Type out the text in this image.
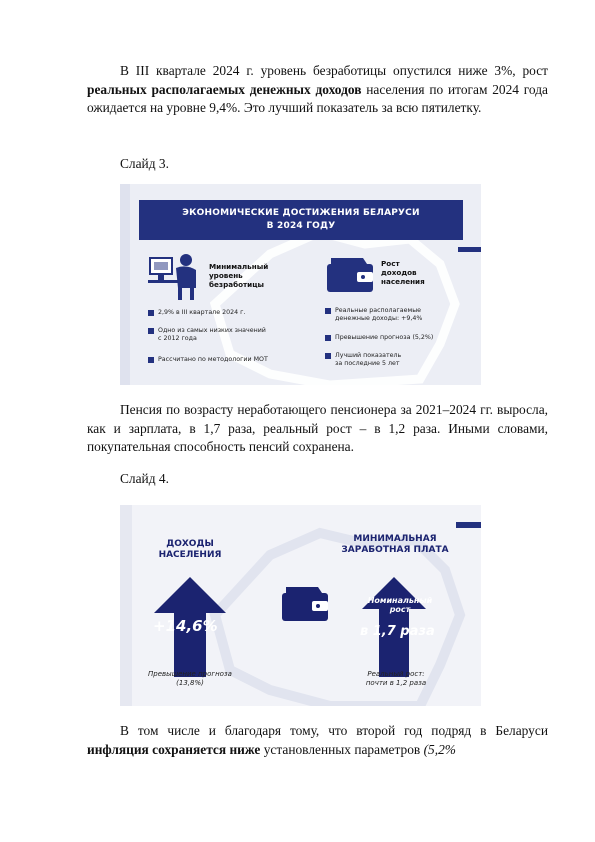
В III квартале 2024 г. уровень безработицы опустился ниже 3%, рост реальных располагаемых денежных доходов населения по итогам 2024 года ожидается на уровне 9,4%. Это лучший показатель за всю пятилетку.

Слайд 3.

ЭКОНОМИЧЕСКИЕ ДОСТИЖЕНИЯ БЕЛАРУСИ
В 2024 ГОДУ
Минимальный
уровень
безработицы
Рост
доходов
населения
2,9% в III квартале 2024 г.
Одно из самых низких значений
с 2012 года
Рассчитано по методологии МОТ
Реальные располагаемые
денежные доходы: +9,4%
Превышение прогноза (5,2%)
Лучший показатель
за последние 5 лет

Пенсия по возрасту неработающего пенсионера за 2021–2024 гг. выросла, как и зарплата, в 1,7 раза, реальный рост – в 1,2 раза. Иными словами, покупательная способность пенсий сохранена.

Слайд 4.

ДОХОДЫ
НАСЕЛЕНИЯ
МИНИМАЛЬНАЯ
ЗАРАБОТНАЯ ПЛАТА
+14,6%
Номинальный
рост
в 1,7 раза
Превышение прогноза
(13,8%)
Реальный рост:
почти в 1,2 раза

В том числе и благодаря тому, что второй год подряд в Беларуси инфляция сохраняется ниже установленных параметров (5,2%
